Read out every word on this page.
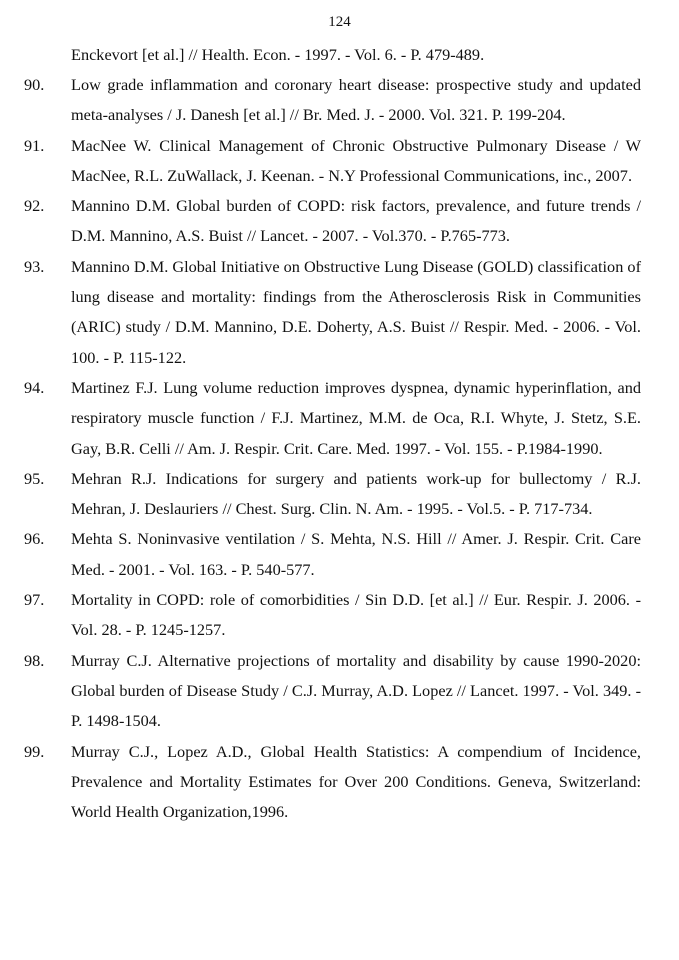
124
Enckevort [et al.] // Health. Econ. - 1997. - Vol. 6. - P. 479-489.
90. Low grade inflammation and coronary heart disease: prospective study and updated meta-analyses / J. Danesh [et al.] // Br. Med. J. - 2000. Vol. 321. P. 199-204.
91. MacNee W. Clinical Management of Chronic Obstructive Pulmonary Disease / W MacNee, R.L. ZuWallack, J. Keenan. - N.Y Professional Communications, inc., 2007.
92. Mannino D.M. Global burden of COPD: risk factors, prevalence, and future trends / D.M. Mannino, A.S. Buist // Lancet. - 2007. - Vol.370. - P.765-773.
93. Mannino D.M. Global Initiative on Obstructive Lung Disease (GOLD) classification of lung disease and mortality: findings from the Atherosclerosis Risk in Communities (ARIC) study / D.M. Mannino, D.E. Doherty, A.S. Buist // Respir. Med. - 2006. - Vol. 100. - P. 115-122.
94. Martinez F.J. Lung volume reduction improves dyspnea, dynamic hyperinflation, and respiratory muscle function / F.J. Martinez, M.M. de Oca, R.I. Whyte, J. Stetz, S.E. Gay, B.R. Celli // Am. J. Respir. Crit. Care. Med. 1997. - Vol. 155. - P.1984-1990.
95. Mehran R.J. Indications for surgery and patients work-up for bullectomy / R.J. Mehran, J. Deslauriers // Chest. Surg. Clin. N. Am. - 1995. - Vol.5. - P. 717-734.
96. Mehta S. Noninvasive ventilation / S. Mehta, N.S. Hill // Amer. J. Respir. Crit. Care Med. - 2001. - Vol. 163. - P. 540-577.
97. Mortality in COPD: role of comorbidities / Sin D.D. [et al.] // Eur. Respir. J. 2006. - Vol. 28. - P. 1245-1257.
98. Murray C.J. Alternative projections of mortality and disability by cause 1990-2020: Global burden of Disease Study / C.J. Murray, A.D. Lopez // Lancet. 1997. - Vol. 349. - P. 1498-1504.
99. Murray C.J., Lopez A.D., Global Health Statistics: A compendium of Incidence, Prevalence and Mortality Estimates for Over 200 Conditions. Geneva, Switzerland: World Health Organization,1996.
